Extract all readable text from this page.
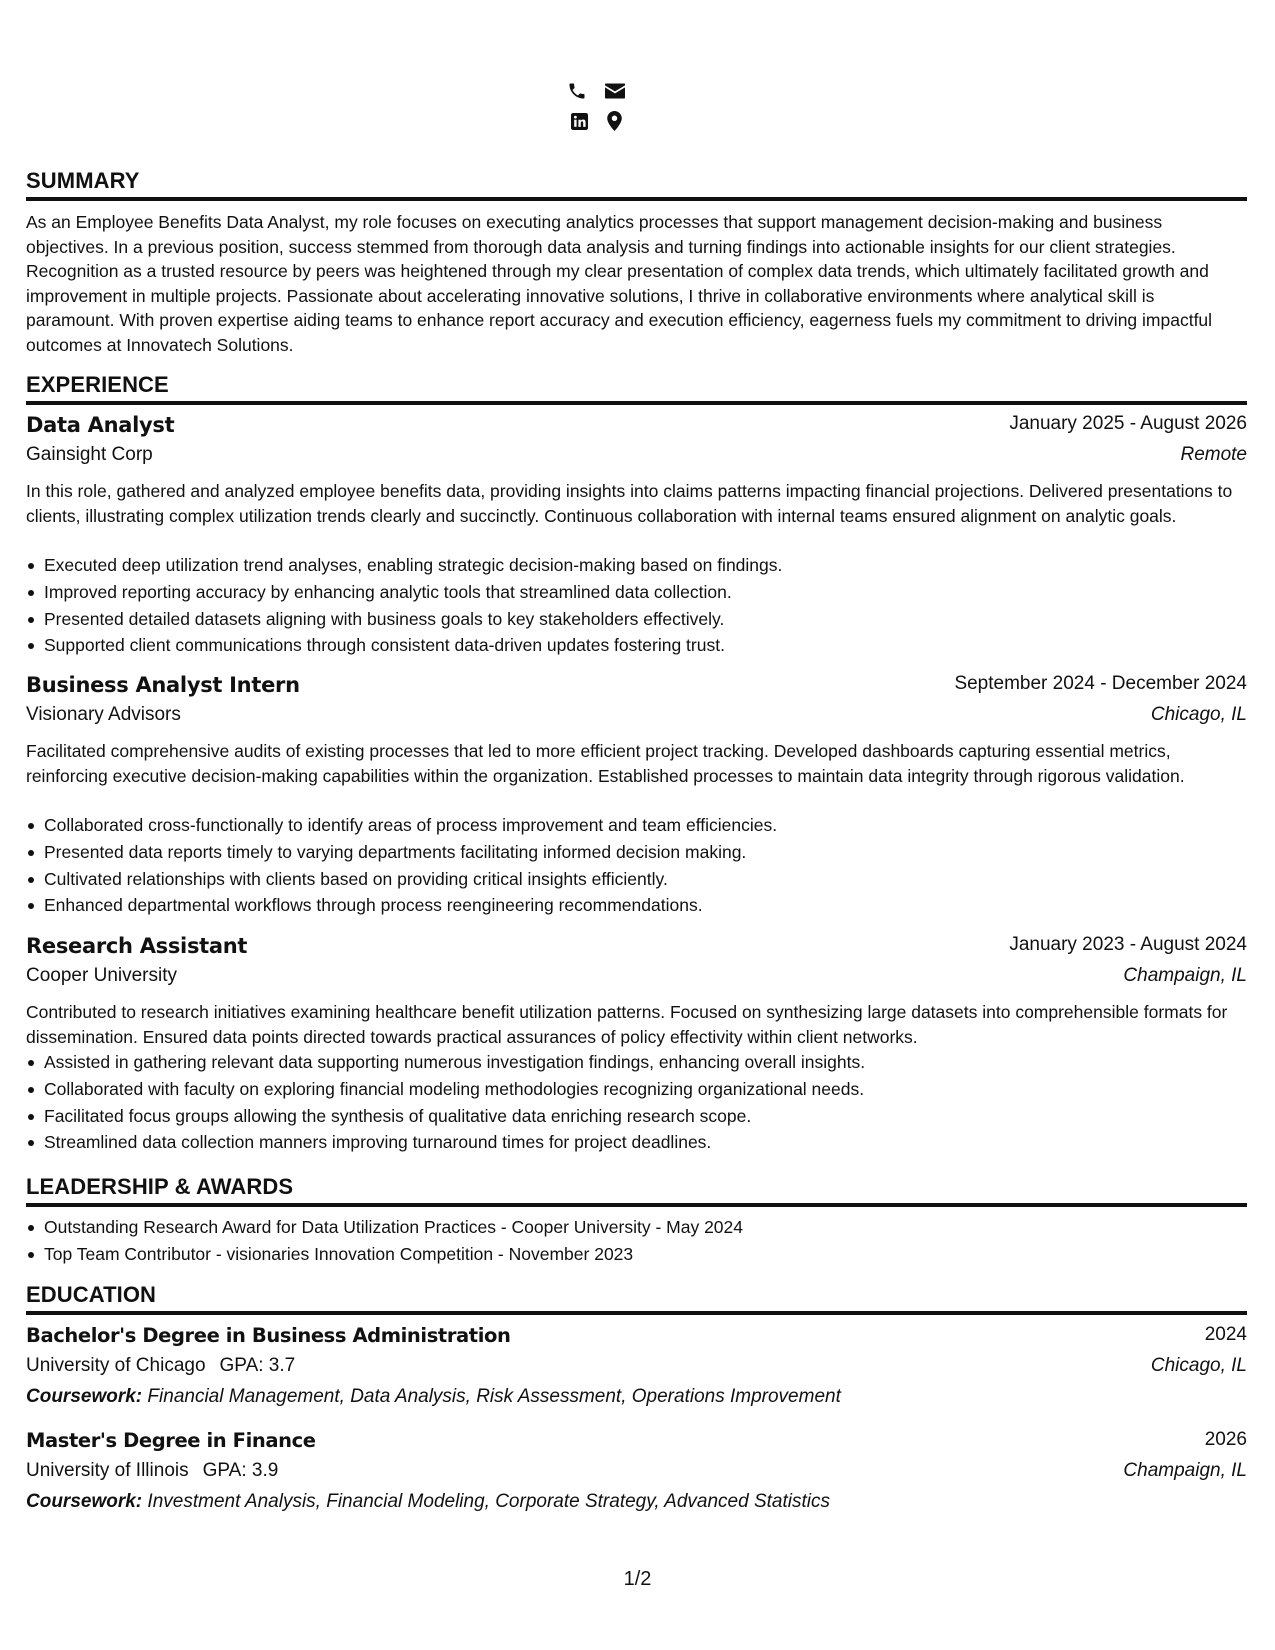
SUMMARY

As an Employee Benefits Data Analyst, my role focuses on executing analytics processes that support management decision-making and business objectives. In a previous position, success stemmed from thorough data analysis and turning findings into actionable insights for our client strategies. Recognition as a trusted resource by peers was heightened through my clear presentation of complex data trends, which ultimately facilitated growth and improvement in multiple projects. Passionate about accelerating innovative solutions, I thrive in collaborative environments where analytical skill is paramount. With proven expertise aiding teams to enhance report accuracy and execution efficiency, eagerness fuels my commitment to driving impactful outcomes at Innovatech Solutions.

EXPERIENCE
Data Analyst	January 2025 - August 2026
Gainsight Corp	Remote

In this role, gathered and analyzed employee benefits data, providing insights into claims patterns impacting financial projections. Delivered presentations to clients, illustrating complex utilization trends clearly and succinctly. Continuous collaboration with internal teams ensured alignment on analytic goals.

Executed deep utilization trend analyses, enabling strategic decision-making based on findings.
Improved reporting accuracy by enhancing analytic tools that streamlined data collection.
Presented detailed datasets aligning with business goals to key stakeholders effectively.
Supported client communications through consistent data-driven updates fostering trust.
Business Analyst Intern	September 2024 - December 2024
Visionary Advisors	Chicago, IL

Facilitated comprehensive audits of existing processes that led to more efficient project tracking. Developed dashboards capturing essential metrics, reinforcing executive decision-making capabilities within the organization. Established processes to maintain data integrity through rigorous validation.

Collaborated cross-functionally to identify areas of process improvement and team efficiencies.
Presented data reports timely to varying departments facilitating informed decision making.
Cultivated relationships with clients based on providing critical insights efficiently.
Enhanced departmental workflows through process reengineering recommendations.
Research Assistant	January 2023 - August 2024
Cooper University	Champaign, IL

Contributed to research initiatives examining healthcare benefit utilization patterns. Focused on synthesizing large datasets into comprehensible formats for dissemination. Ensured data points directed towards practical assurances of policy effectivity within client networks.

Assisted in gathering relevant data supporting numerous investigation findings, enhancing overall insights.
Collaborated with faculty on exploring financial modeling methodologies recognizing organizational needs.
Facilitated focus groups allowing the synthesis of qualitative data enriching research scope.
Streamlined data collection manners improving turnaround times for project deadlines.
LEADERSHIP & AWARDS
Outstanding Research Award for Data Utilization Practices - Cooper University - May 2024
Top Team Contributor - visionaries Innovation Competition - November 2023
EDUCATION
Bachelor's Degree in Business Administration	2024
University of Chicago GPA: 3.7	Chicago, IL
Coursework: Financial Management, Data Analysis, Risk Assessment, Operations Improvement
Master's Degree in Finance	2026
University of Illinois GPA: 3.9	Champaign, IL
Coursework: Investment Analysis, Financial Modeling, Corporate Strategy, Advanced Statistics
1/2
